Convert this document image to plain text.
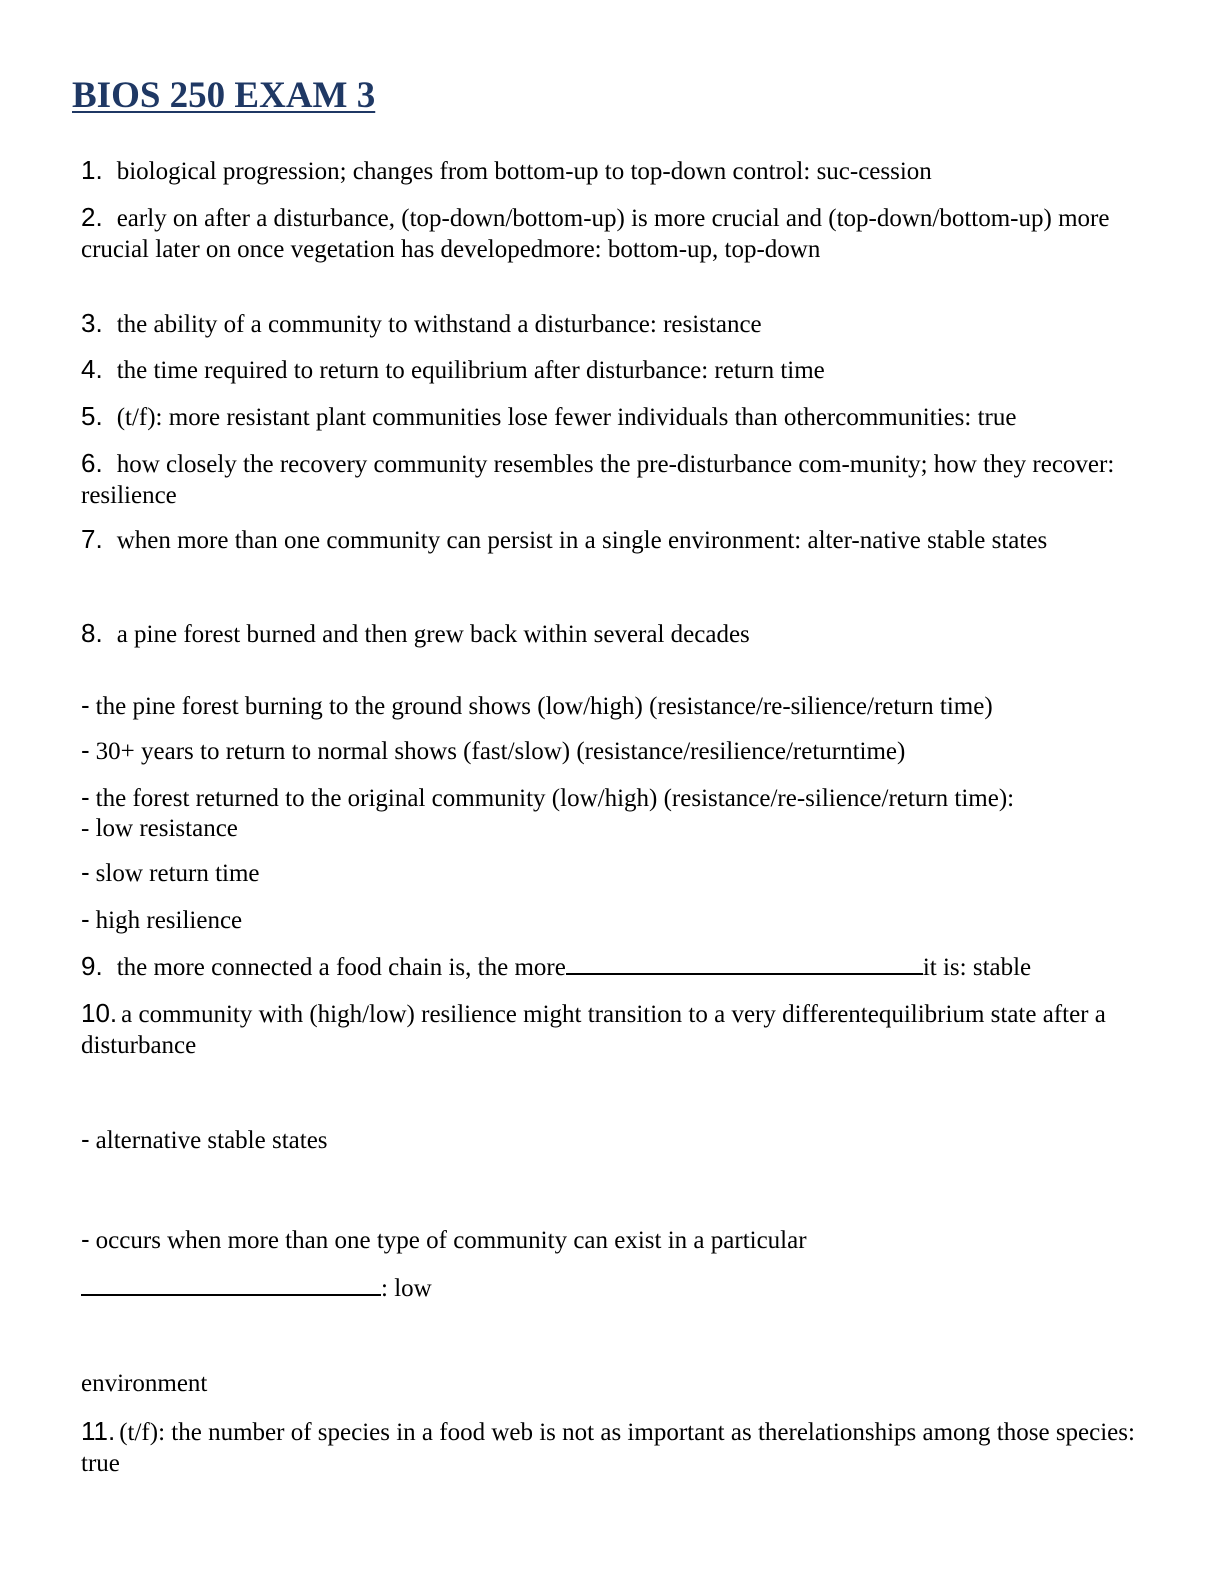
BIOS 250 EXAM 3
1. biological progression; changes from bottom-up to top-down control: suc-cession
2. early on after a disturbance, (top-down/bottom-up) is more crucial and (top-down/bottom-up) more crucial later on once vegetation has developedmore: bottom-up, top-down
3. the ability of a community to withstand a disturbance: resistance
4. the time required to return to equilibrium after disturbance: return time
5. (t/f): more resistant plant communities lose fewer individuals than othercommunities: true
6. how closely the recovery community resembles the pre-disturbance com-munity; how they recover: resilience
7. when more than one community can persist in a single environment: alter-native stable states
8. a pine forest burned and then grew back within several decades
- the pine forest burning to the ground shows (low/high) (resistance/re-silience/return time)
- 30+ years to return to normal shows (fast/slow) (resistance/resilience/returntime)
- the forest returned to the original community (low/high) (resistance/re-silience/return time):
- low resistance
- slow return time
- high resilience
9. the more connected a food chain is, the more	it is: stable
10. a community with (high/low) resilience might transition to a very differentequilibrium state after a disturbance
- alternative stable states
- occurs when more than one type of community can exist in a particular
: low
environment
11. (t/f): the number of species in a food web is not as important as therelationships among those species: true
